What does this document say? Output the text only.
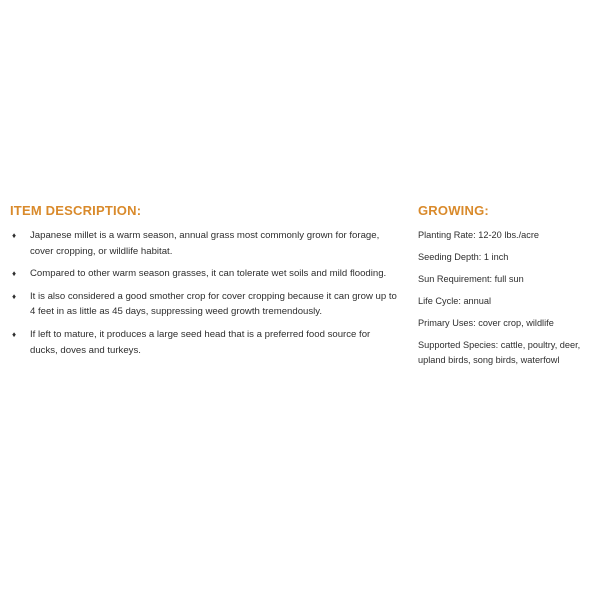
ITEM DESCRIPTION:
♦ Japanese millet is a warm season, annual grass most commonly grown for forage, cover cropping, or wildlife habitat.
♦ Compared to other warm season grasses, it can tolerate wet soils and mild flooding.
♦ It is also considered a good smother crop for cover cropping because it can grow up to 4 feet in as little as 45 days, suppressing weed growth tremendously.
♦ If left to mature, it produces a large seed head that is a preferred food source for ducks, doves and turkeys.
GROWING:
Planting Rate: 12-20 lbs./acre
Seeding Depth: 1 inch
Sun Requirement: full sun
Life Cycle: annual
Primary Uses: cover crop, wildlife
Supported Species: cattle, poultry, deer, upland birds, song birds, waterfowl
